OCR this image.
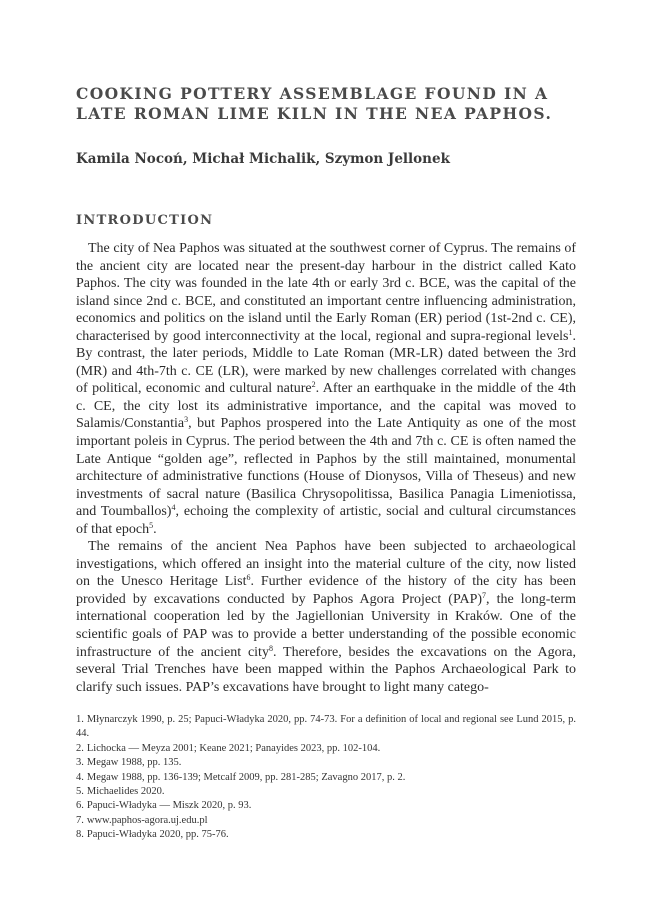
COOKING POTTERY ASSEMBLAGE FOUND IN A LATE ROMAN LIME KILN IN THE NEA PAPHOS.

Kamila Nocoń, Michał Michalik, Szymon Jellonek

INTRODUCTION

The city of Nea Paphos was situated at the southwest corner of Cyprus. The remains of the ancient city are located near the present-day harbour in the district called Kato Paphos. The city was founded in the late 4th or early 3rd c. BCE, was the capital of the island since 2nd c. BCE, and constituted an important centre influencing administration, economics and politics on the island until the Early Roman (ER) period (1st-2nd c. CE), characterised by good interconnectivity at the local, regional and supra-regional levels$^1$. By contrast, the later periods, Middle to Late Roman (MR-LR) dated between the 3rd (MR) and 4th-7th c. CE (LR), were marked by new challenges correlated with changes of political, economic and cultural nature$^2$. After an earthquake in the middle of the 4th c. CE, the city lost its administrative importance, and the capital was moved to Salamis/Constantia$^3$, but Paphos prospered into the Late Antiquity as one of the most important poleis in Cyprus. The period between the 4th and 7th c. CE is often named the Late Antique “golden age”, reflected in Paphos by the still maintained, monumental architecture of administrative functions (House of Dionysos, Villa of Theseus) and new investments of sacral nature (Basilica Chrysopolitissa, Basilica Panagia Limeniotissa, and Toumballos)$^4$, echoing the complexity of artistic, social and cultural circumstances of that epoch$^5$.

The remains of the ancient Nea Paphos have been subjected to archaeological investigations, which offered an insight into the material culture of the city, now listed on the Unesco Heritage List$^6$. Further evidence of the history of the city has been provided by excavations conducted by Paphos Agora Project (PAP)$^7$, the long-term international cooperation led by the Jagiellonian University in Kraków. One of the scientific goals of PAP was to provide a better understanding of the possible economic infrastructure of the ancient city$^8$. Therefore, besides the excavations on the Agora, several Trial Trenches have been mapped within the Paphos Archaeological Park to clarify such issues. PAP’s excavations have brought to light many catego-

1. Młynarczyk 1990, p. 25; Papuci-Władyka 2020, pp. 74-73. For a definition of local and regional see Lund 2015, p. 44.

2. Lichocka — Meyza 2001; Keane 2021; Panayides 2023, pp. 102-104.

3. Megaw 1988, pp. 135.

4. Megaw 1988, pp. 136-139; Metcalf 2009, pp. 281-285; Zavagno 2017, p. 2.

5. Michaelides 2020.

6. Papuci-Władyka — Miszk 2020, p. 93.

7. www.paphos-agora.uj.edu.pl

8. Papuci-Władyka 2020, pp. 75-76.
